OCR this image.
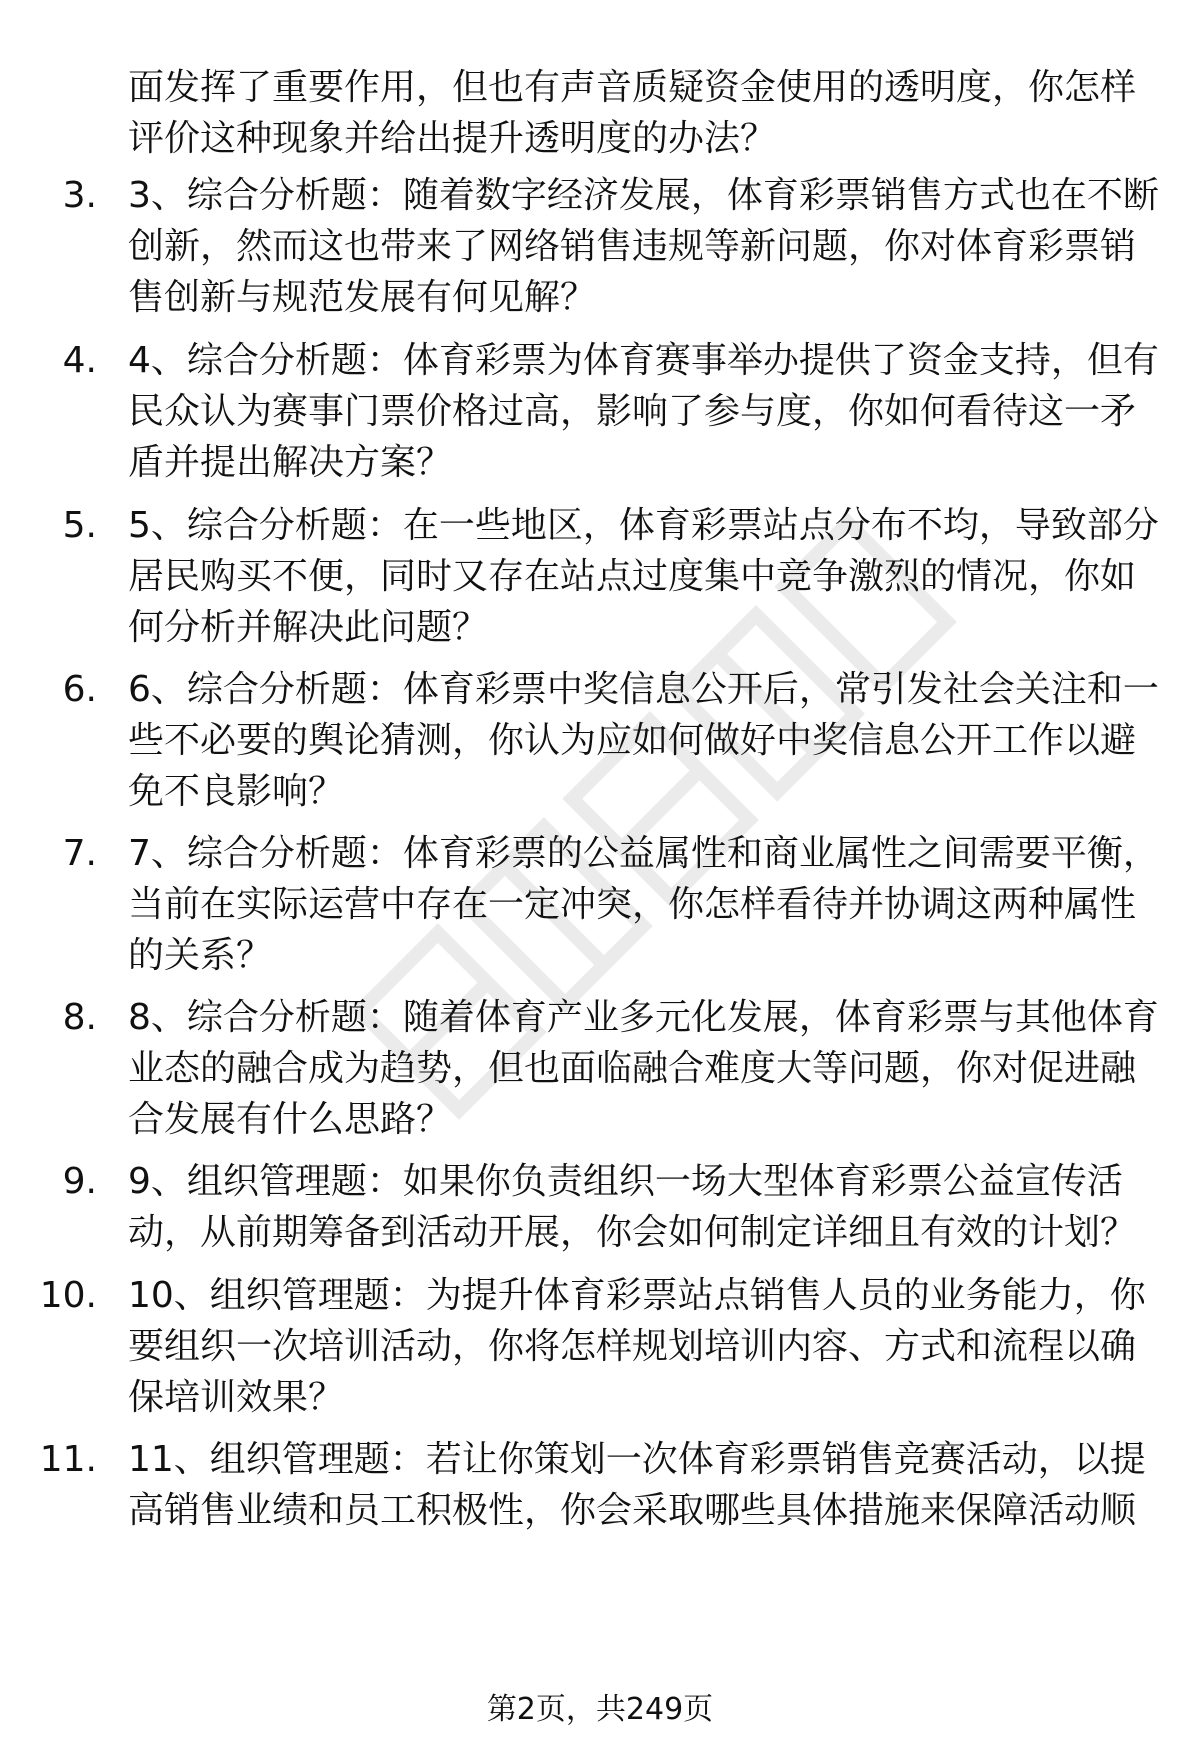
面发挥了重要作用，但也有声音质疑资金使用的透明度，你怎样评价这种现象并给出提升透明度的办法？
3. 3、综合分析题：随着数字经济发展，体育彩票销售方式也在不断创新，然而这也带来了网络销售违规等新问题，你对体育彩票销售创新与规范发展有何见解？
4. 4、综合分析题：体育彩票为体育赛事举办提供了资金支持，但有民众认为赛事门票价格过高，影响了参与度，你如何看待这一矛盾并提出解决方案？
5. 5、综合分析题：在一些地区，体育彩票站点分布不均，导致部分居民购买不便，同时又存在站点过度集中竞争激烈的情况，你如何分析并解决此问题？
6. 6、综合分析题：体育彩票中奖信息公开后，常引发社会关注和一些不必要的舆论猜测，你认为应如何做好中奖信息公开工作以避免不良影响？
7. 7、综合分析题：体育彩票的公益属性和商业属性之间需要平衡，当前在实际运营中存在一定冲突，你怎样看待并协调这两种属性的关系？
8. 8、综合分析题：随着体育产业多元化发展，体育彩票与其他体育业态的融合成为趋势，但也面临融合难度大等问题，你对促进融合发展有什么思路？
9. 9、组织管理题：如果你负责组织一场大型体育彩票公益宣传活动，从前期筹备到活动开展，你会如何制定详细且有效的计划？
10. 10、组织管理题：为提升体育彩票站点销售人员的业务能力，你要组织一次培训活动，你将怎样规划培训内容、方式和流程以确保培训效果？
11. 11、组织管理题：若让你策划一次体育彩票销售竞赛活动，以提高销售业绩和员工积极性，你会采取哪些具体措施来保障活动顺
第2页，共249页
